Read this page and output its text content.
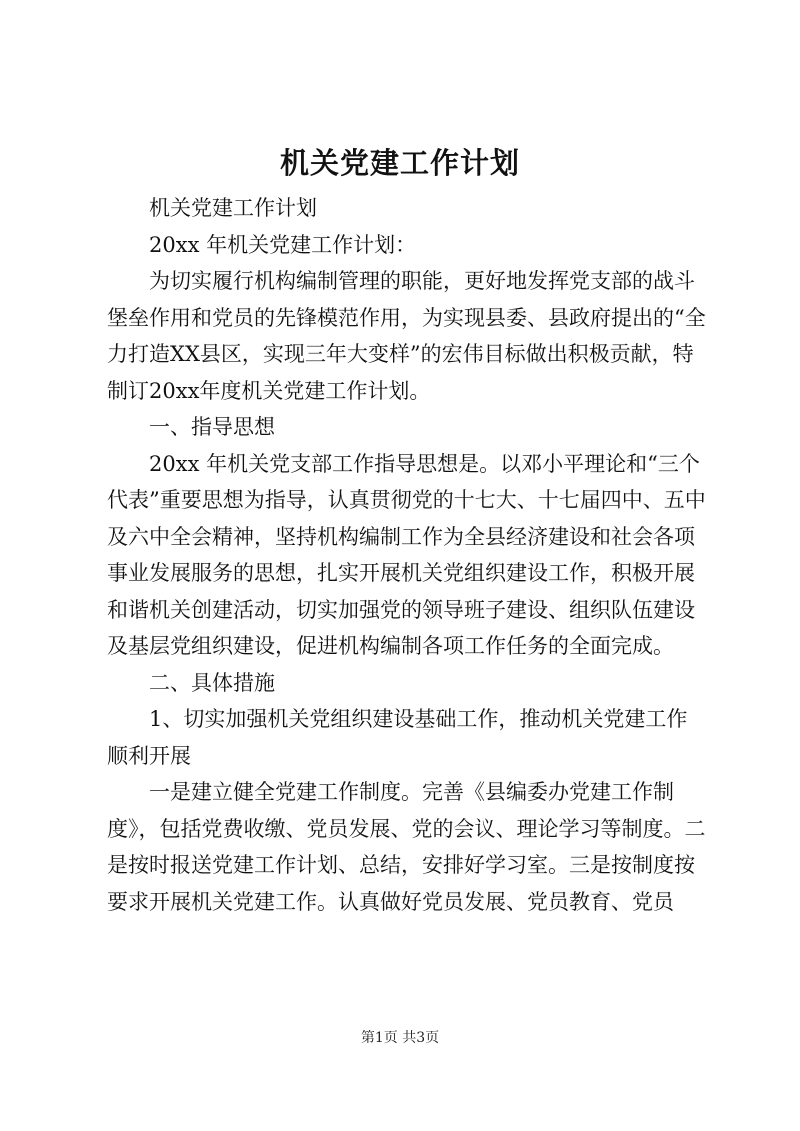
机关党建工作计划

机关党建工作计划

20xx 年机关党建工作计划：

为切实履行机构编制管理的职能，更好地发挥党支部的战斗堡垒作用和党员的先锋模范作用，为实现县委、县政府提出的“全力打造XX县区，实现三年大变样”的宏伟目标做出积极贡献，特制订20xx年度机关党建工作计划。

一、指导思想

20xx 年机关党支部工作指导思想是。以邓小平理论和“三个代表”重要思想为指导，认真贯彻党的十七大、十七届四中、五中及六中全会精神，坚持机构编制工作为全县经济建设和社会各项事业发展服务的思想，扎实开展机关党组织建设工作，积极开展和谐机关创建活动，切实加强党的领导班子建设、组织队伍建设及基层党组织建设，促进机构编制各项工作任务的全面完成。

二、具体措施

1、切实加强机关党组织建设基础工作，推动机关党建工作顺利开展

一是建立健全党建工作制度。完善《县编委办党建工作制度》，包括党费收缴、党员发展、党的会议、理论学习等制度。二是按时报送党建工作计划、总结，安排好学习室。三是按制度按要求开展机关党建工作。认真做好党员发展、党员教育、党员

第1页 共3页
